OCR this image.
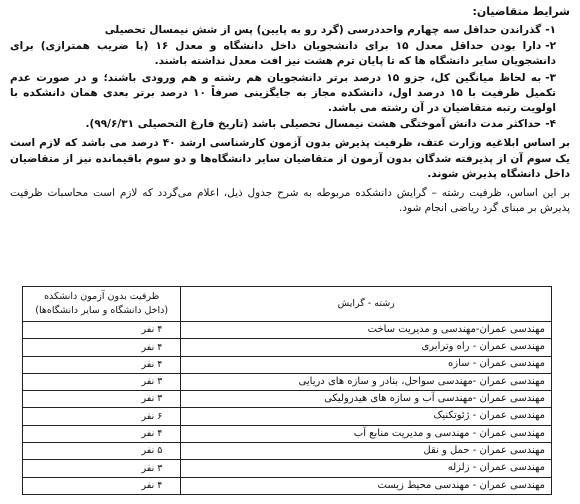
شرایط متقاضیان:
۱-گذراندن حداقل سه چهارم واحددرسی (گرد رو به پایین) پس از شش نیمسال تحصیلی
۲-دارا بودن حداقل معدل ۱۵ برای دانشجویان داخل دانشگاه و معدل ۱۶ (با ضریب همترازی) برای دانشجویان سایر دانشگاه ها که تا پایان ترم هشت نیز افت معدل نداشته باشند.
۳-به لحاظ میانگین کل، جزو ۱۵ درصد برتر دانشجویان هم رشته و هم ورودی باشند؛ و در صورت عدم تکمیل ظرفیت با ۱۵ درصد اول، دانشکده مجاز به جایگزینی صرفاً ۱۰ درصد برتر بعدی همان دانشکده با اولویت رتبه متقاضیان در آن رشته می باشد.
۴-حداکثر مدت دانش آموختگی هشت نیمسال تحصیلی باشد (تاریخ فارغ التحصیلی ۹۹/۶/۳۱).

بر اساس ابلاغیه وزارت عتف، ظرفیت پذیرش بدون آزمون کارشناسی ارشد ۴۰ درصد می باشد که لازم است یک سوم آن از پذیرفته شدگان بدون آزمون از متقاضیان سایر دانشگاه‌ها و دو سوم باقیمانده نیز از متقاضیان داخل دانشگاه پذیرش شوند.

بر این اساس، ظرفیت رشته – گرایش دانشکده مربوطه به شرح جدول ذیل، اعلام می‌گردد که لازم است محاسبات ظرفیت پذیرش بر مبنای گرد ریاضی انجام شود.

رشته - گرایش	ظرفیت بدون آزمون دانشکده
(داخل دانشگاه و سایر دانشگاه‌ها)

مهندسی عمران-مهندسی و مدیریت ساخت	۴ نفر
مهندسی عمران - راه وترابری	۴ نفر
مهندسی عمران - سازه	۴ نفر
مهندسی عمران -مهندسی سواحل، بنادر و سازه های دریایی	۳ نفر
مهندسی عمران -مهندسی آب و سازه های هیدرولیکی	۳ نفر
مهندسی عمران - ژئوتکنیک	۶ نفر
مهندسی عمران - مهندسی و مدیریت منابع آب	۴ نفر
مهندسی عمران - حمل و نقل	۵ نفر
مهندسی عمران - زلزله	۳ نفر
مهندسی عمران - مهندسی محیط زیست	۴ نفر
